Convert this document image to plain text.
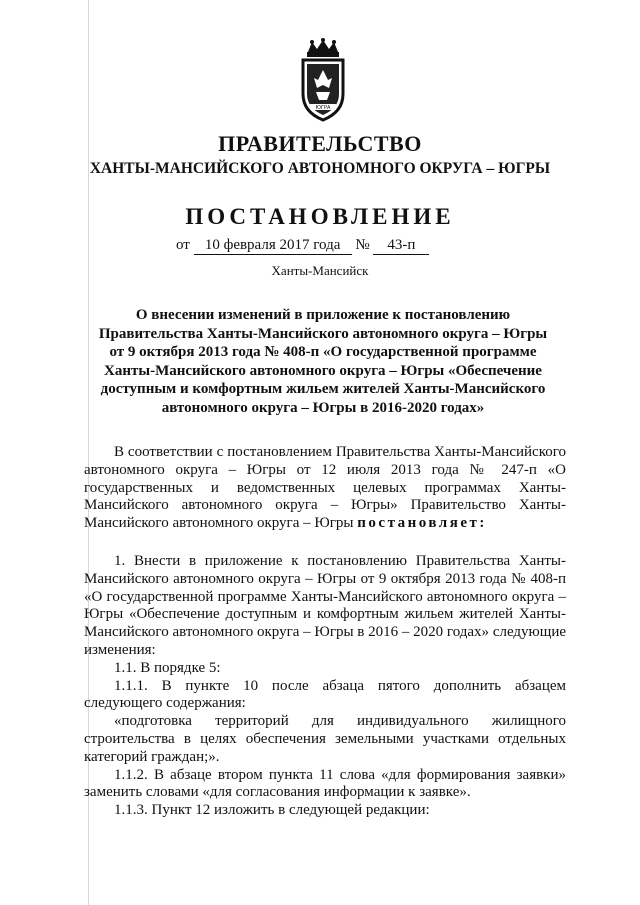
ЮГРА
ПРАВИТЕЛЬСТВО
ХАНТЫ-МАНСИЙСКОГО АВТОНОМНОГО ОКРУГА – ЮГРЫ
ПОСТАНОВЛЕНИЕ
от 10 февраля 2017 года № 43-п
Ханты-Мансийск
О внесении изменений в приложение к постановлению Правительства Ханты-Мансийского автономного округа – Югры от 9 октября 2013 года № 408-п «О государственной программе Ханты-Мансийского автономного округа – Югры «Обеспечение доступным и комфортным жильем жителей Ханты-Мансийского автономного округа – Югры в 2016-2020 годах»

В соответствии с постановлением Правительства Ханты-Мансийского автономного округа – Югры от 12 июля 2013 года № 247-п «О государственных и ведомственных целевых программах Ханты-Мансийского автономного округа – Югры» Правительство Ханты-Мансийского автономного округа – Югры постановляет:

1. Внести в приложение к постановлению Правительства Ханты-Мансийского автономного округа – Югры от 9 октября 2013 года № 408-п «О государственной программе Ханты-Мансийского автономного округа – Югры «Обеспечение доступным и комфортным жильем жителей Ханты-Мансийского автономного округа – Югры в 2016 – 2020 годах» следующие изменения:

1.1. В порядке 5:

1.1.1. В пункте 10 после абзаца пятого дополнить абзацем следующего содержания:

«подготовка территорий для индивидуального жилищного строительства в целях обеспечения земельными участками отдельных категорий граждан;».

1.1.2. В абзаце втором пункта 11 слова «для формирования заявки» заменить словами «для согласования информации к заявке».

1.1.3. Пункт 12 изложить в следующей редакции:
